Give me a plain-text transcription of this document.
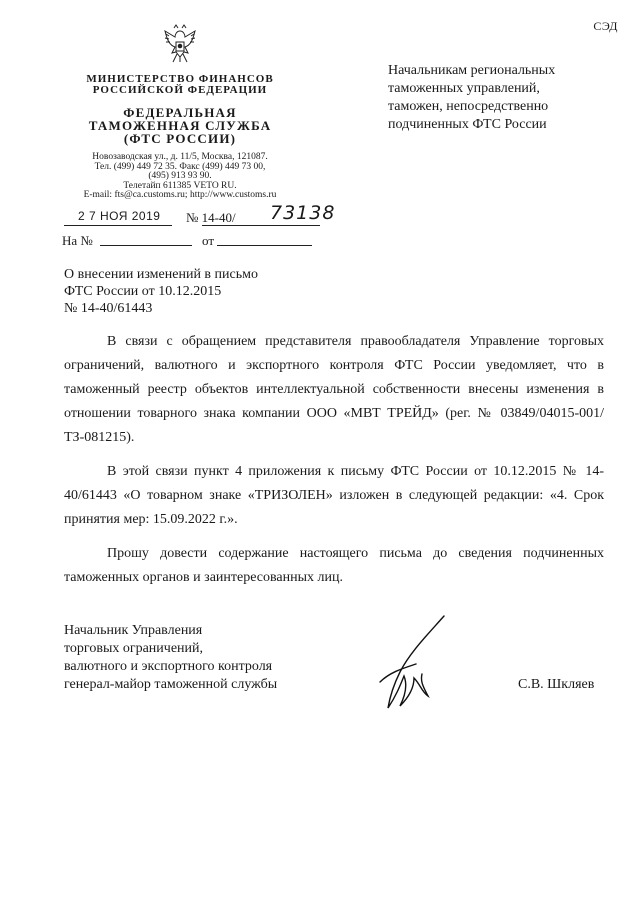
СЭД
МИНИСТЕРСТВО ФИНАНСОВ
РОССИЙСКОЙ ФЕДЕРАЦИИ
ФЕДЕРАЛЬНАЯ
ТАМОЖЕННАЯ СЛУЖБА
(ФТС РОССИИ)
Новозаводская ул., д. 11/5, Москва, 121087.
Тел. (499) 449 72 35. Факс (499) 449 73 00,
(495) 913 93 90.
Телетайп 611385 VETO RU.
E-mail: fts@ca.customs.ru; http://www.customs.ru
2 7 НОЯ 2019 № 14-40/ 73138
На №	от
Начальникам региональных
таможенных управлений,
таможен, непосредственно
подчиненных ФТС России
О внесении изменений в письмо
ФТС России от 10.12.2015
№ 14-40/61443

В связи с обращением представителя правообладателя Управление торговых ограничений, валютного и экспортного контроля ФТС России уведомляет, что в таможенный реестр объектов интеллектуальной собственности внесены изменения в отношении товарного знака компании ООО «МВТ ТРЕЙД» (рег. № 03849/04015-001/ТЗ-081215).

В этой связи пункт 4 приложения к письму ФТС России от 10.12.2015 № 14-40/61443 «О товарном знаке «ТРИЗОЛЕН» изложен в следующей редакции: «4. Срок принятия мер: 15.09.2022 г.».

Прошу довести содержание настоящего письма до сведения подчиненных таможенных органов и заинтересованных лиц.

Начальник Управления
торговых ограничений,
валютного и экспортного контроля
генерал-майор таможенной службы	С.В. Шкляев
